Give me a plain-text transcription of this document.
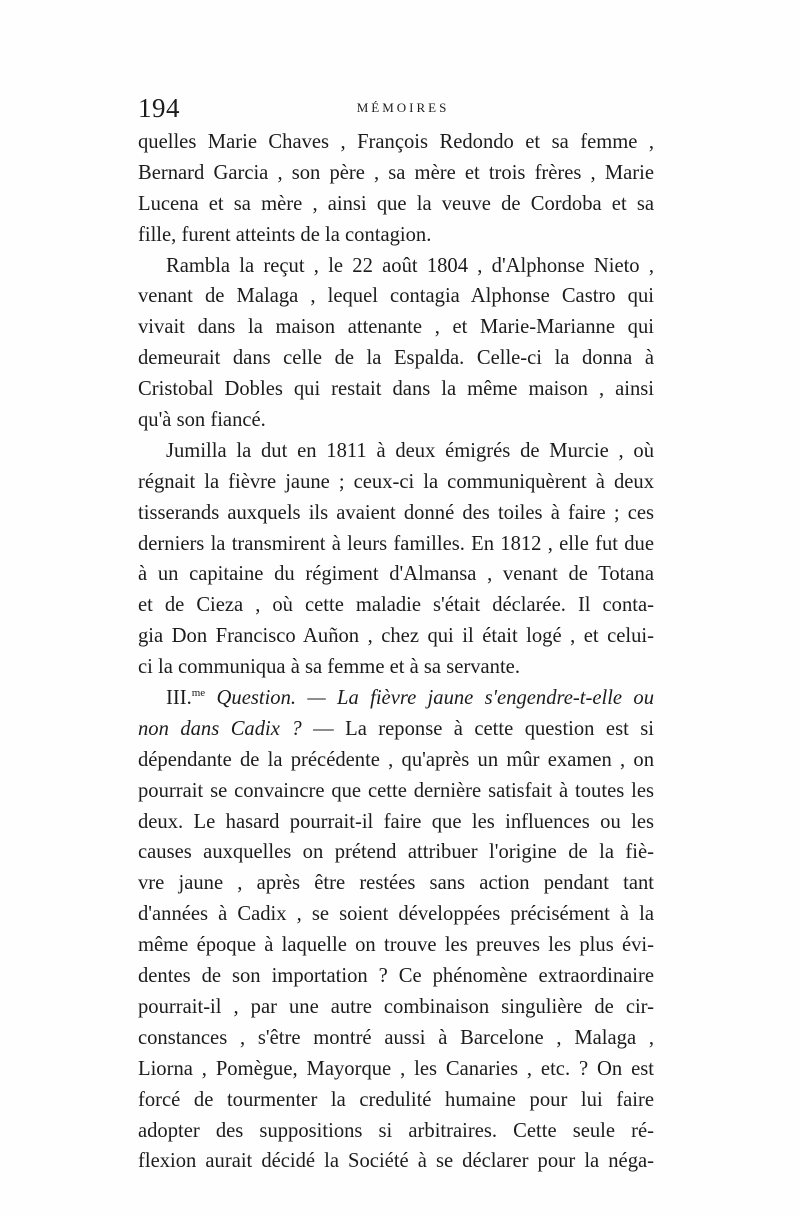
194	MÉMOIRES
quelles Marie Chaves , François Redondo et sa femme ,
Bernard Garcia , son père , sa mère et trois frères , Marie
Lucena et sa mère , ainsi que la veuve de Cordoba et sa
fille, furent atteints de la contagion.
Rambla la reçut , le 22 août 1804 , d'Alphonse Nieto ,
venant de Malaga , lequel contagia Alphonse Castro qui
vivait dans la maison attenante , et Marie-Marianne qui
demeurait dans celle de la Espalda. Celle-ci la donna à
Cristobal Dobles qui restait dans la même maison , ainsi
qu'à son fiancé.
Jumilla la dut en 1811 à deux émigrés de Murcie , où
régnait la fièvre jaune ; ceux-ci la communiquèrent à deux
tisserands auxquels ils avaient donné des toiles à faire ; ces
derniers la transmirent à leurs familles. En 1812 , elle fut due
à un capitaine du régiment d'Almansa , venant de Totana
et de Cieza , où cette maladie s'était déclarée. Il conta-
gia Don Francisco Auñon , chez qui il était logé , et celui-
ci la communiqua à sa femme et à sa servante.
III.$^{me}$ Question. — La fièvre jaune s'engendre-t-elle ou
non dans Cadix ? — La reponse à cette question est si
dépendante de la précédente , qu'après un mûr examen , on
pourrait se convaincre que cette dernière satisfait à toutes les
deux. Le hasard pourrait-il faire que les influences ou les
causes auxquelles on prétend attribuer l'origine de la fiè-
vre jaune , après être restées sans action pendant tant
d'années à Cadix , se soient développées précisément à la
même époque à laquelle on trouve les preuves les plus évi-
dentes de son importation ? Ce phénomène extraordinaire
pourrait-il , par une autre combinaison singulière de cir-
constances , s'être montré aussi à Barcelone , Malaga ,
Liorna , Pomègue, Mayorque , les Canaries , etc. ? On est
forcé de tourmenter la credulité humaine pour lui faire
adopter des suppositions si arbitraires. Cette seule ré-
flexion aurait décidé la Société à se déclarer pour la néga-
